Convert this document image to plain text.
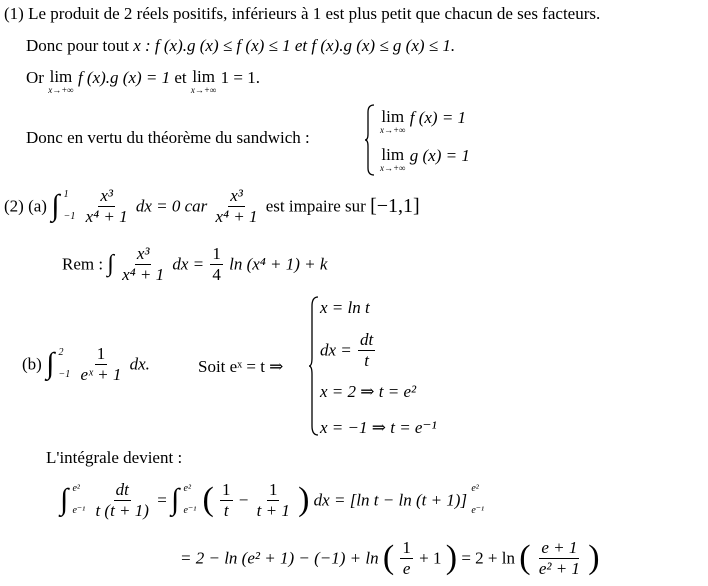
(1) Le produit de 2 réels positifs, inférieurs à 1 est plus petit que chacun de ses facteurs.
Donc pour tout x : f (x).g (x) ≤ f (x) ≤ 1 et f (x).g (x) ≤ g (x) ≤ 1.
Or lim
x→+∞
f (x).g (x) = 1 et lim
x→+∞
1 = 1.
Donc en vertu du théorème du sandwich :
lim
x→+∞
f (x) = 1
lim
x→+∞
g (x) = 1
(2) (a) ∫ 1
−1
$\frac{\text{x³}}{\text{x⁴ + 1}}$ dx = 0 car $\frac{\text{x³}}{\text{x⁴ + 1}}$ est impaire sur [−1,1]
Rem : ∫ $\frac{\text{x³}}{\text{x⁴ + 1}}$ dx = $\frac{1}{4}$ ln (x⁴ + 1) + k
(b) ∫ 2
−1
$\frac{1}{\text{eˣ + 1}}$ dx.	Soit eˣ = t ⇒
x = ln t
dx = $\frac{dt}{t}$
x = 2 ⇒ t = e²
x = −1 ⇒ t = e⁻¹
L'intégrale devient :
∫ e²
e⁻¹
$\frac{dt}{t (t + 1)}$ = ∫ e²
e⁻¹ ( $\frac{1}{t} - \frac{1}{t + 1}$ ) dx = [ln t − ln (t + 1)]
e²
e⁻¹
= 2 − ln (e² + 1) − (−1) + ln ( $\frac{1}{e} + 1$ ) = 2 + ln ( $\frac{e + 1}{\text{e² + 1}}$ )
